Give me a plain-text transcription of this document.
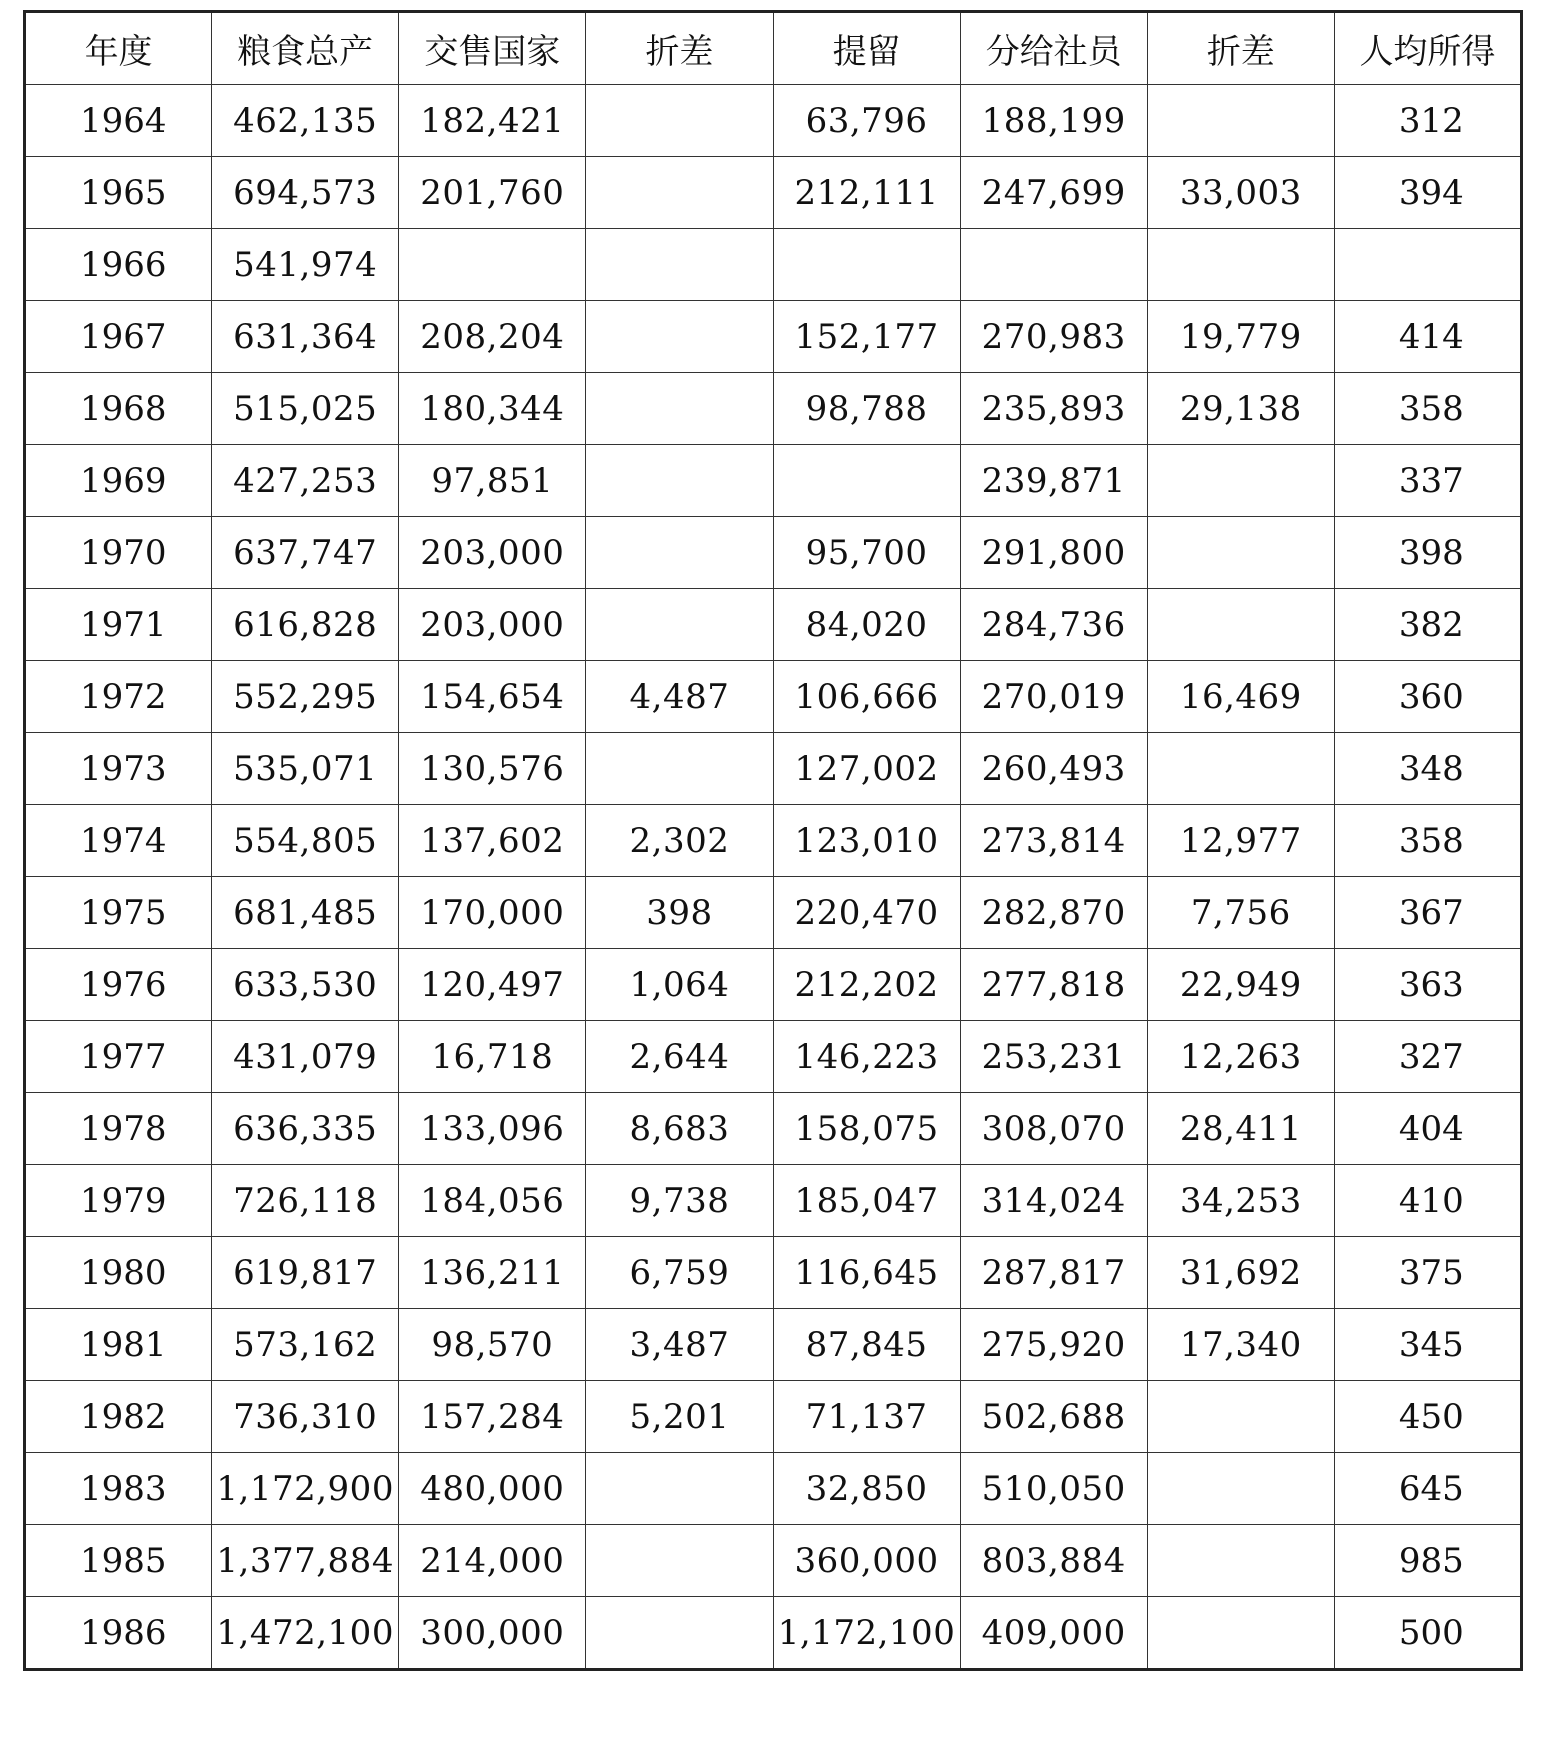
年度	粮食总产	交售国家	折差	提留	分给社员	折差	人均所得
1964	462,135	182,421		63,796	188,199		312
1965	694,573	201,760		212,111	247,699	33,003	394
1966	541,974						
1967	631,364	208,204		152,177	270,983	19,779	414
1968	515,025	180,344		98,788	235,893	29,138	358
1969	427,253	97,851			239,871		337
1970	637,747	203,000		95,700	291,800		398
1971	616,828	203,000		84,020	284,736		382
1972	552,295	154,654	4,487	106,666	270,019	16,469	360
1973	535,071	130,576		127,002	260,493		348
1974	554,805	137,602	2,302	123,010	273,814	12,977	358
1975	681,485	170,000	398	220,470	282,870	7,756	367
1976	633,530	120,497	1,064	212,202	277,818	22,949	363
1977	431,079	16,718	2,644	146,223	253,231	12,263	327
1978	636,335	133,096	8,683	158,075	308,070	28,411	404
1979	726,118	184,056	9,738	185,047	314,024	34,253	410
1980	619,817	136,211	6,759	116,645	287,817	31,692	375
1981	573,162	98,570	3,487	87,845	275,920	17,340	345
1982	736,310	157,284	5,201	71,137	502,688		450
1983	1,172,900	480,000		32,850	510,050		645
1985	1,377,884	214,000		360,000	803,884		985
1986	1,472,100	300,000		1,172,100	409,000		500
